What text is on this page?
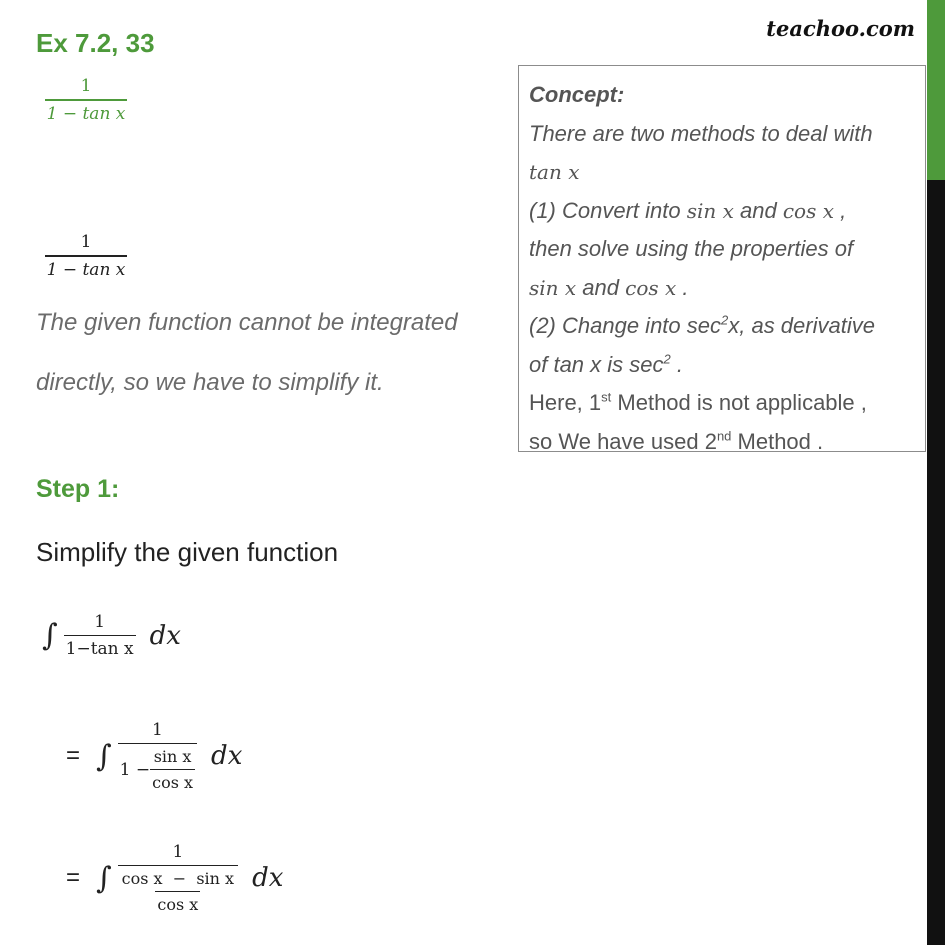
Ex 7.2, 33	teachoo.com
$\frac{1}{\text{1 − tan x}}$
$\frac{1}{\text{1 − tan x}}$
The given function cannot be integrated
directly, so we have to simplify it.
Concept:
There are two methods to deal with
tan x
(1) Convert into sin x and cos x ,
then solve using the properties of
sin x and cos x .
(2) Change into $\sec^2x$, as derivative
of tan x is $\sec^2$ .
Here, 1st Method is not applicable ,
so We have used 2nd Method .
Step 1:
Simplify the given function
∫ $\frac{1}{\text{1−tan x}}$ dx
= ∫ $\frac{1}{1 - \frac{\text{sin x}}{\text{cos x}}}$ dx
= ∫ $\frac{1}{\frac{\text{cos x  −  sin x}}{\text{cos x}}}$ dx
